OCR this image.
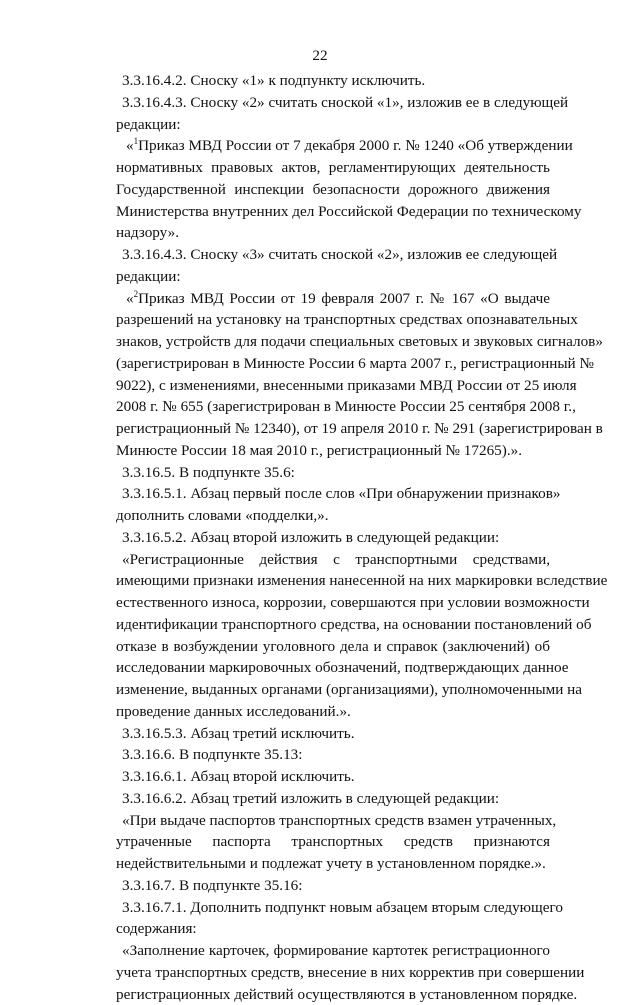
22
3.3.16.4.2. Сноску «1» к подпункту исключить.
3.3.16.4.3. Сноску «2» считать сноской «1», изложив ее в следующей
редакции:
«$^1$Приказ МВД России от 7 декабря 2000 г. № 1240 «Об утверждении
нормативных правовых актов, регламентирующих деятельность
Государственной инспекции безопасности дорожного движения
Министерства внутренних дел Российской Федерации по техническому
надзору».
3.3.16.4.3. Сноску «3» считать сноской «2», изложив ее следующей
редакции:
«$^2$Приказ МВД России от 19 февраля 2007 г. № 167 «О выдаче
разрешений на установку на транспортных средствах опознавательных
знаков, устройств для подачи специальных световых и звуковых сигналов»
(зарегистрирован в Минюсте России 6 марта 2007 г., регистрационный №
9022), с изменениями, внесенными приказами МВД России от 25 июля
2008 г. № 655 (зарегистрирован в Минюсте России 25 сентября 2008 г.,
регистрационный № 12340), от 19 апреля 2010 г. № 291 (зарегистрирован в
Минюсте России 18 мая 2010 г., регистрационный № 17265).».
3.3.16.5. В подпункте 35.6:
3.3.16.5.1. Абзац первый после слов «При обнаружении признаков»
дополнить словами «подделки,».
3.3.16.5.2. Абзац второй изложить в следующей редакции:
«Регистрационные действия с транспортными средствами,
имеющими признаки изменения нанесенной на них маркировки вследствие
естественного износа, коррозии, совершаются при условии возможности
идентификации транспортного средства, на основании постановлений об
отказе в возбуждении уголовного дела и справок (заключений) об
исследовании маркировочных обозначений, подтверждающих данное
изменение, выданных органами (организациями), уполномоченными на
проведение данных исследований.».
3.3.16.5.3. Абзац третий исключить.
3.3.16.6. В подпункте 35.13:
3.3.16.6.1. Абзац второй исключить.
3.3.16.6.2. Абзац третий изложить в следующей редакции:
«При выдаче паспортов транспортных средств взамен утраченных,
утраченные паспорта транспортных средств признаются
недействительными и подлежат учету в установленном порядке.».
3.3.16.7. В подпункте 35.16:
3.3.16.7.1. Дополнить подпункт новым абзацем вторым следующего
содержания:
«Заполнение карточек, формирование картотек регистрационного
учета транспортных средств, внесение в них корректив при совершении
регистрационных действий осуществляются в установленном порядке.
